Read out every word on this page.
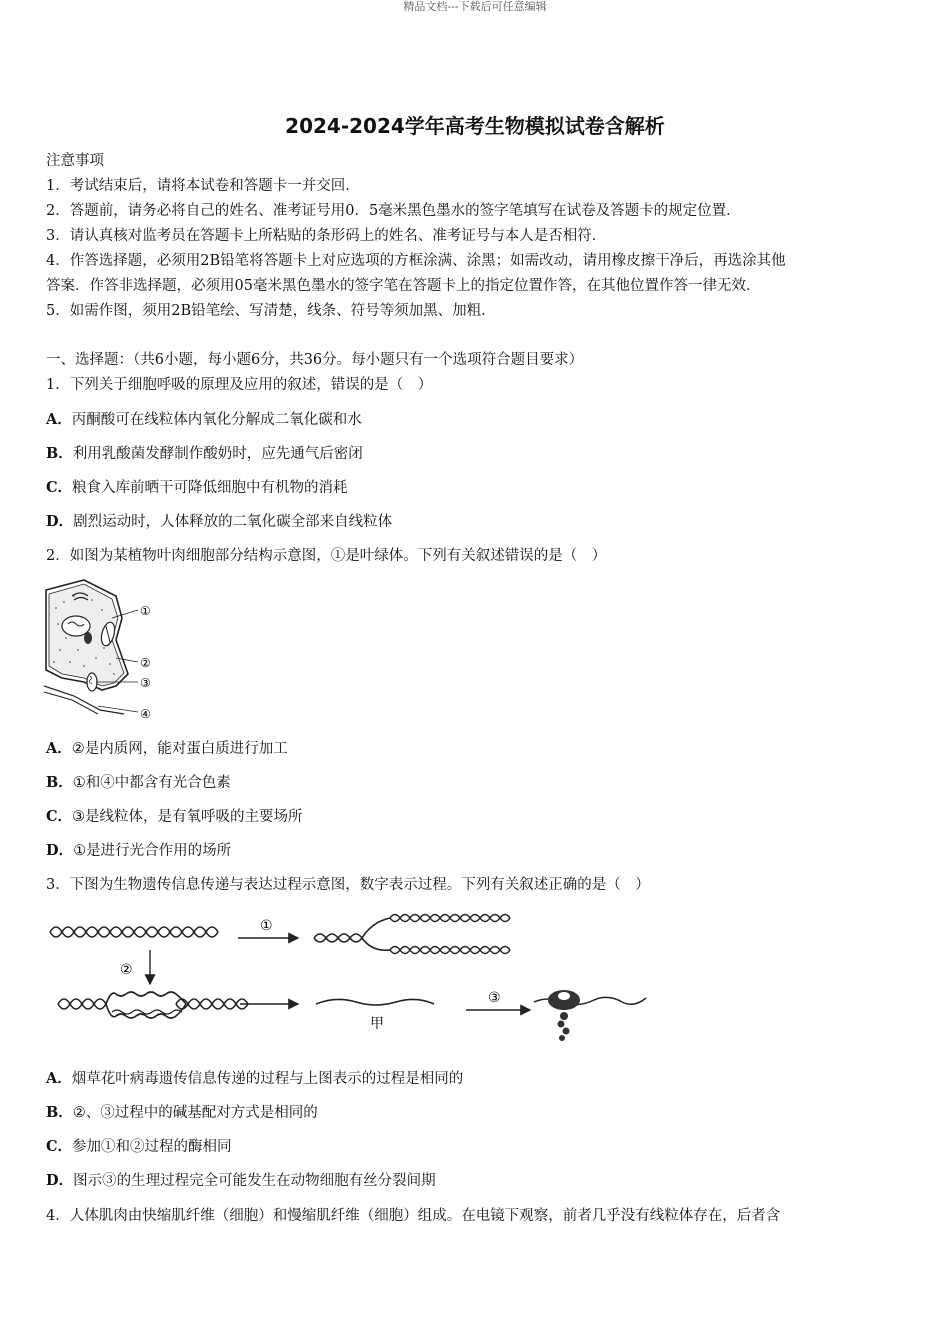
精品文档---下载后可任意编辑
2024-2024学年高考生物模拟试卷含解析
注意事项
1．考试结束后，请将本试卷和答题卡一并交回．
2．答题前，请务必将自己的姓名、准考证号用0．5毫米黑色墨水的签字笔填写在试卷及答题卡的规定位置．
3．请认真核对监考员在答题卡上所粘贴的条形码上的姓名、准考证号与本人是否相符．
4．作答选择题，必须用2B铅笔将答题卡上对应选项的方框涂满、涂黑；如需改动，请用橡皮擦干净后，再选涂其他
答案．作答非选择题，必须用05毫米黑色墨水的签字笔在答题卡上的指定位置作答，在其他位置作答一律无效．
5．如需作图，须用2B铅笔绘、写清楚，线条、符号等须加黑、加粗．
一、选择题：（共6小题，每小题6分，共36分。每小题只有一个选项符合题目要求）
1．下列关于细胞呼吸的原理及应用的叙述，错误的是（　）
A．丙酮酸可在线粒体内氧化分解成二氧化碳和水
B．利用乳酸菌发酵制作酸奶时，应先通气后密闭
C．粮食入库前晒干可降低细胞中有机物的消耗
D．剧烈运动时，人体释放的二氧化碳全部来自线粒体
2．如图为某植物叶肉细胞部分结构示意图，①是叶绿体。下列有关叙述错误的是（　）
①
②
③
④
A．②是内质网，能对蛋白质进行加工
B．①和④中都含有光合色素
C．③是线粒体，是有氧呼吸的主要场所
D．①是进行光合作用的场所
3．下图为生物遗传信息传递与表达过程示意图，数字表示过程。下列有关叙述正确的是（　）
①
②
甲
③
A．烟草花叶病毒遗传信息传递的过程与上图表示的过程是相同的
B．②、③过程中的碱基配对方式是相同的
C．参加①和②过程的酶相同
D．图示③的生理过程完全可能发生在动物细胞有丝分裂间期
4．人体肌肉由快缩肌纤维（细胞）和慢缩肌纤维（细胞）组成。在电镜下观察，前者几乎没有线粒体存在，后者含
